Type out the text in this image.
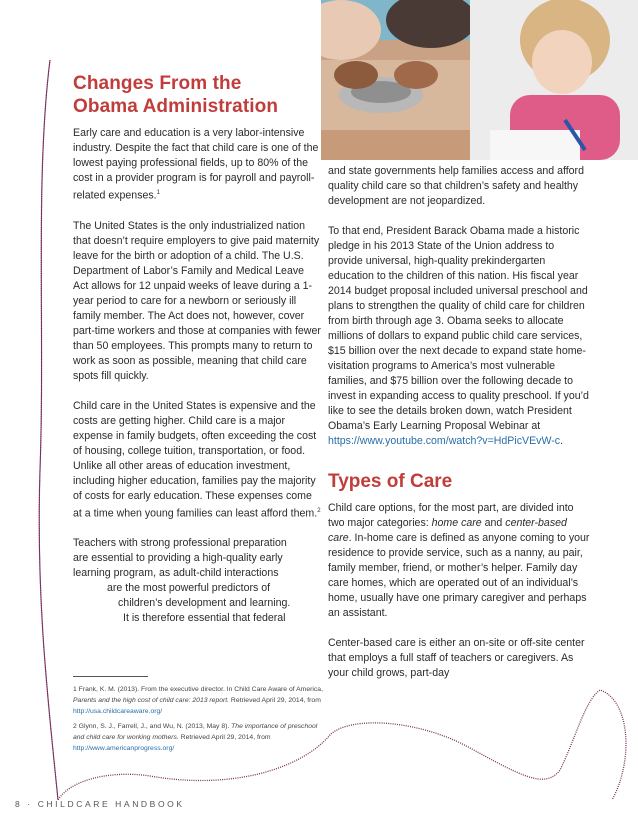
Changes From the
Obama Administration

Early care and education is a very labor-intensive industry. Despite the fact that child care is one of the lowest paying professional fields, up to 80% of the cost in a provider program is for payroll and payroll-related expenses.$^1$

The United States is the only industrialized nation that doesn’t require employers to give paid maternity leave for the birth or adoption of a child. The U.S. Department of Labor’s Family and Medical Leave Act allows for 12 unpaid weeks of leave during a 1-year period to care for a newborn or seriously ill family member. The Act does not, however, cover part-time workers and those at companies with fewer than 50 employees. This prompts many to return to work as soon as possible, meaning that child care spots fill quickly.

Child care in the United States is expensive and the costs are getting higher. Child care is a major expense in family budgets, often exceeding the cost of housing, college tuition, transportation, or food. Unlike all other areas of education investment, including higher education, families pay the majority of costs for early education. These expenses come at a time when young families can least afford them.$^2$

Teachers with strong professional preparation
are essential to providing a high-quality early
learning program, as adult-child interactions
are the most powerful predictors of
children’s development and learning.
It is therefore essential that federal

1 Frank, K. M. (2013). From the executive director. In Child Care Aware of America, Parents and the high cost of child care: 2013 report. Retrieved April 29, 2014, from http://usa.childcareaware.org/
2 Glynn, S. J., Farrell, J., and Wu, N. (2013, May 8). The importance of preschool and child care for working mothers. Retrieved April 29, 2014, from http://www.americanprogress.org/

and state governments help families access and afford quality child care so that children’s safety and healthy development are not jeopardized.

To that end, President Barack Obama made a historic pledge in his 2013 State of the Union address to provide universal, high-quality prekindergarten education to the children of this nation. His fiscal year 2014 budget proposal included universal preschool and plans to strengthen the quality of child care for children from birth through age 3. Obama seeks to allocate millions of dollars to expand public child care services, $15 billion over the next decade to expand state home-visitation programs to America’s most vulnerable families, and $75 billion over the following decade to invest in expanding access to quality preschool. If you’d like to see the details broken down, watch President Obama’s Early Learning Proposal Webinar at https://www.youtube.com/watch?v=HdPicVEvW-c.

Types of Care

Child care options, for the most part, are divided into two major categories: home care and center-based care. In-home care is defined as anyone coming to your residence to provide service, such as a nanny, au pair, family member, friend, or mother’s helper. Family day care homes, which are operated out of an individual’s home, usually have one primary caregiver and perhaps an assistant.

Center-based care is either an on-site or off-site center that employs a full staff of teachers or caregivers. As your child grows, part-day

8 · CHILDCARE HANDBOOK
